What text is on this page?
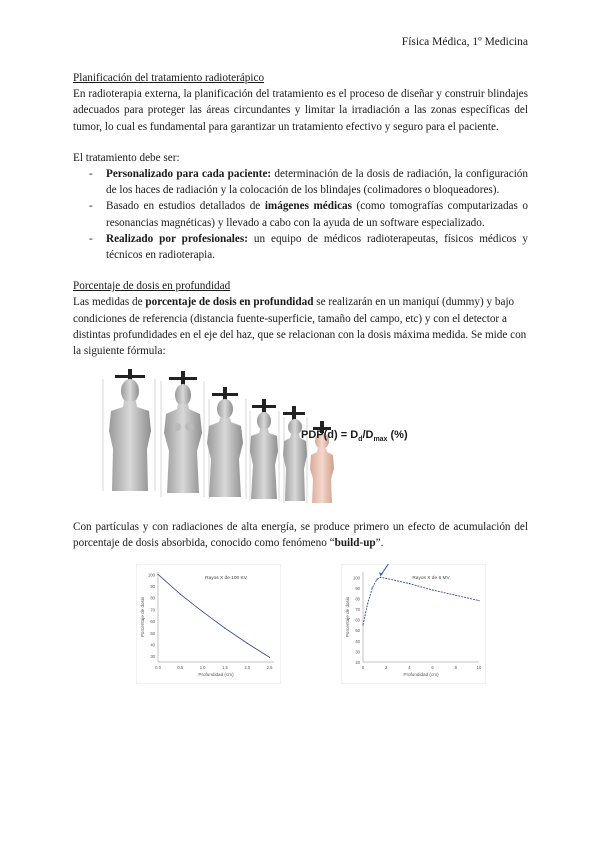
Física Médica, 1º Medicina

Planificación del tratamiento radioterápico

En radioterapia externa, la planificación del tratamiento es el proceso de diseñar y construir blindajes adecuados para proteger las áreas circundantes y limitar la irradiación a las zonas específicas del tumor, lo cual es fundamental para garantizar un tratamiento efectivo y seguro para el paciente.

El tratamiento debe ser:

- Personalizado para cada paciente: determinación de la dosis de radiación, la configuración de los haces de radiación y la colocación de los blindajes (colimadores o bloqueadores).
- Basado en estudios detallados de imágenes médicas (como tomografías computarizadas o resonancias magnéticas) y llevado a cabo con la ayuda de un software especializado.
- Realizado por profesionales: un equipo de médicos radioterapeutas, físicos médicos y técnicos en radioterapia.

Porcentaje de dosis en profundidad

Las medidas de porcentaje de dosis en profundidad se realizarán en un maniquí (dummy) y bajo condiciones de referencia (distancia fuente-superficie, tamaño del campo, etc) y con el detector a distintas profundidades en el eje del haz, que se relacionan con la dosis máxima medida. Se mide con la siguiente fórmula:

$PDP(d) = D_d/D_{max}$ (%)

Con partículas y con radiaciones de alta energía, se produce primero un efecto de acumulación del porcentaje de dosis absorbida, conocido como fenómeno “build-up”.

100
90
80
70
60
50
40
30
0.0	0.5	1.0	1.5	2.0	2.5
Rayos X de 100 KV
Profundidad (cm)
Porcentaje de dosis
100
90
80
70
60
50
40
30
20
0	2	4	6	8	10
Rayos X de 6 MV
Profundidad (cm)
Porcentaje de dosis
